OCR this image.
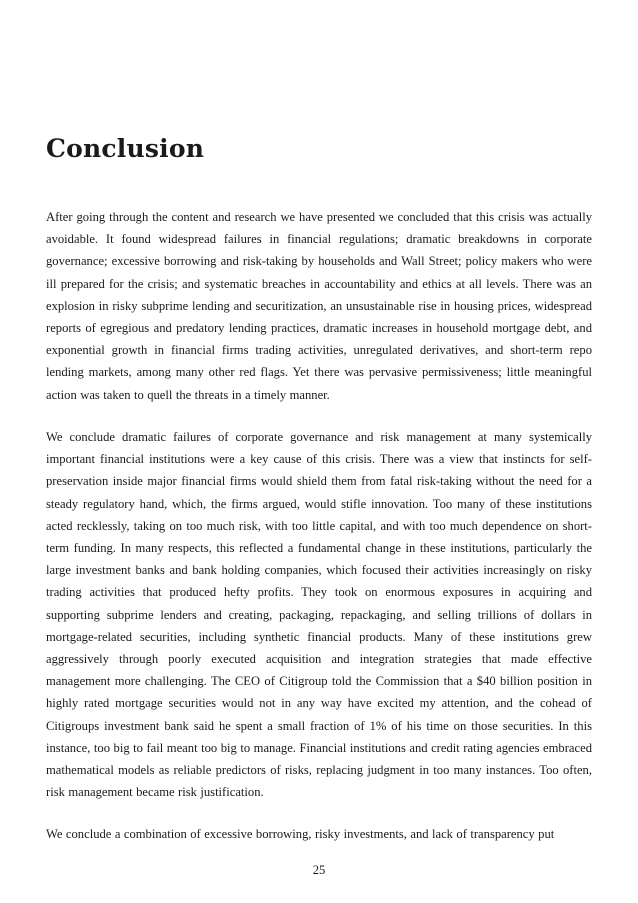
Conclusion

After going through the content and research we have presented we concluded that this crisis was actually avoidable. It found widespread failures in financial regulations; dramatic breakdowns in corporate governance; excessive borrowing and risk-taking by households and Wall Street; policy makers who were ill prepared for the crisis; and systematic breaches in accountability and ethics at all levels. There was an explosion in risky subprime lending and securitization, an unsustainable rise in housing prices, widespread reports of egregious and predatory lending practices, dramatic increases in household mortgage debt, and exponential growth in financial firms trading activities, unregulated derivatives, and short-term repo lending markets, among many other red flags. Yet there was pervasive permissiveness; little meaningful action was taken to quell the threats in a timely manner.

We conclude dramatic failures of corporate governance and risk management at many systemically important financial institutions were a key cause of this crisis. There was a view that instincts for self-preservation inside major financial firms would shield them from fatal risk-taking without the need for a steady regulatory hand, which, the firms argued, would stifle innovation. Too many of these institutions acted recklessly, taking on too much risk, with too little capital, and with too much dependence on short-term funding. In many respects, this reflected a fundamental change in these institutions, particularly the large investment banks and bank holding companies, which focused their activities increasingly on risky trading activities that produced hefty profits. They took on enormous exposures in acquiring and supporting subprime lenders and creating, packaging, repackaging, and selling trillions of dollars in mortgage-related securities, including synthetic financial products. Many of these institutions grew aggressively through poorly executed acquisition and integration strategies that made effective management more challenging. The CEO of Citigroup told the Commission that a $40 billion position in highly rated mortgage securities would not in any way have excited my attention, and the cohead of Citigroups investment bank said he spent a small fraction of 1% of his time on those securities. In this instance, too big to fail meant too big to manage. Financial institutions and credit rating agencies embraced mathematical models as reliable predictors of risks, replacing judgment in too many instances. Too often, risk management became risk justification.

We conclude a combination of excessive borrowing, risky investments, and lack of transparency put

25
